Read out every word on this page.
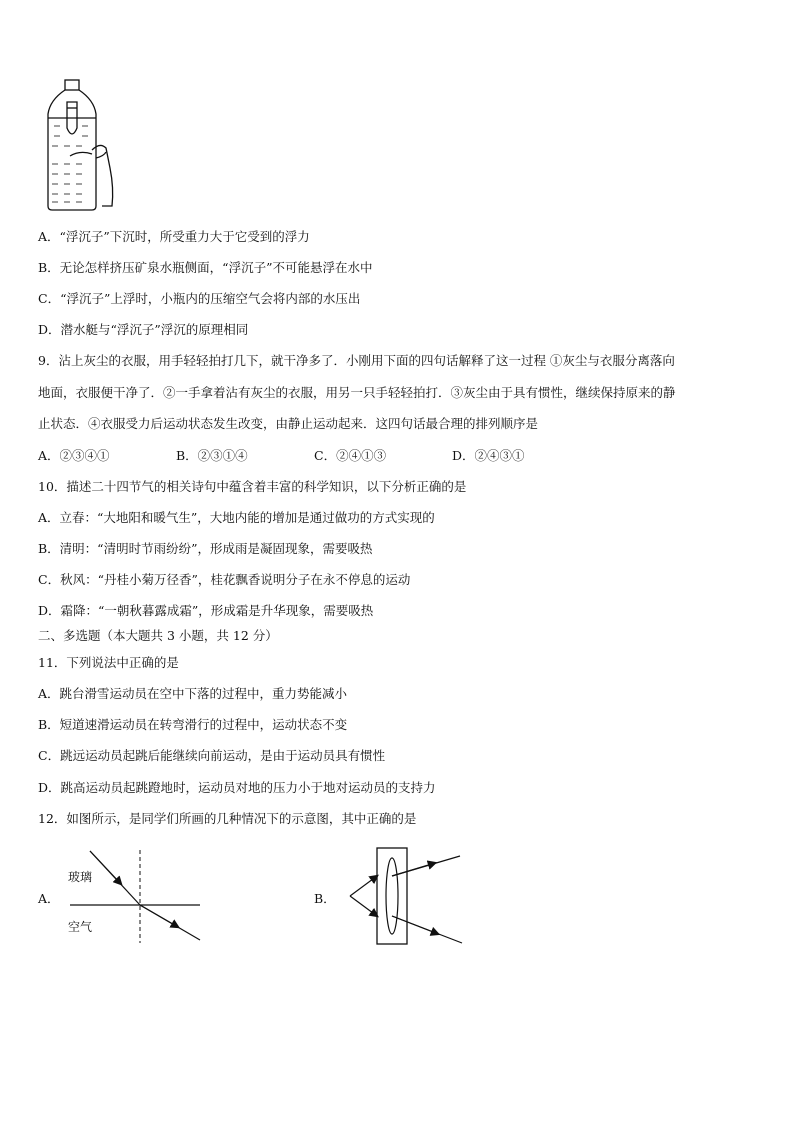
A．“浮沉子”下沉时，所受重力大于它受到的浮力
B．无论怎样挤压矿泉水瓶侧面，“浮沉子”不可能悬浮在水中
C．“浮沉子”上浮时，小瓶内的压缩空气会将内部的水压出
D．潜水艇与“浮沉子”浮沉的原理相同
9．沾上灰尘的衣服，用手轻轻拍打几下，就干净多了．小刚用下面的四句话解释了这一过程 ①灰尘与衣服分离落向
地面，衣服便干净了．②一手拿着沾有灰尘的衣服，用另一只手轻轻拍打．③灰尘由于具有惯性，继续保持原来的静
止状态．④衣服受力后运动状态发生改变，由静止运动起来．这四句话最合理的排列顺序是
A．②③④①	B．②③①④	C．②④①③	D．②④③①
10．描述二十四节气的相关诗句中蕴含着丰富的科学知识，以下分析正确的是
A．立春：“大地阳和暖气生”，大地内能的增加是通过做功的方式实现的
B．清明：“清明时节雨纷纷”，形成雨是凝固现象，需要吸热
C．秋风：“丹桂小菊万径香”，桂花飘香说明分子在永不停息的运动
D．霜降：“一朝秋暮露成霜”，形成霜是升华现象，需要吸热
二、多选题（本大题共 3 小题，共 12 分）
11．下列说法中正确的是
A．跳台滑雪运动员在空中下落的过程中，重力势能减小
B．短道速滑运动员在转弯滑行的过程中，运动状态不变
C．跳远运动员起跳后能继续向前运动，是由于运动员具有惯性
D．跳高运动员起跳蹬地时，运动员对地的压力小于地对运动员的支持力
12．如图所示，是同学们所画的几种情况下的示意图，其中正确的是
A．
玻璃
空气
B．
